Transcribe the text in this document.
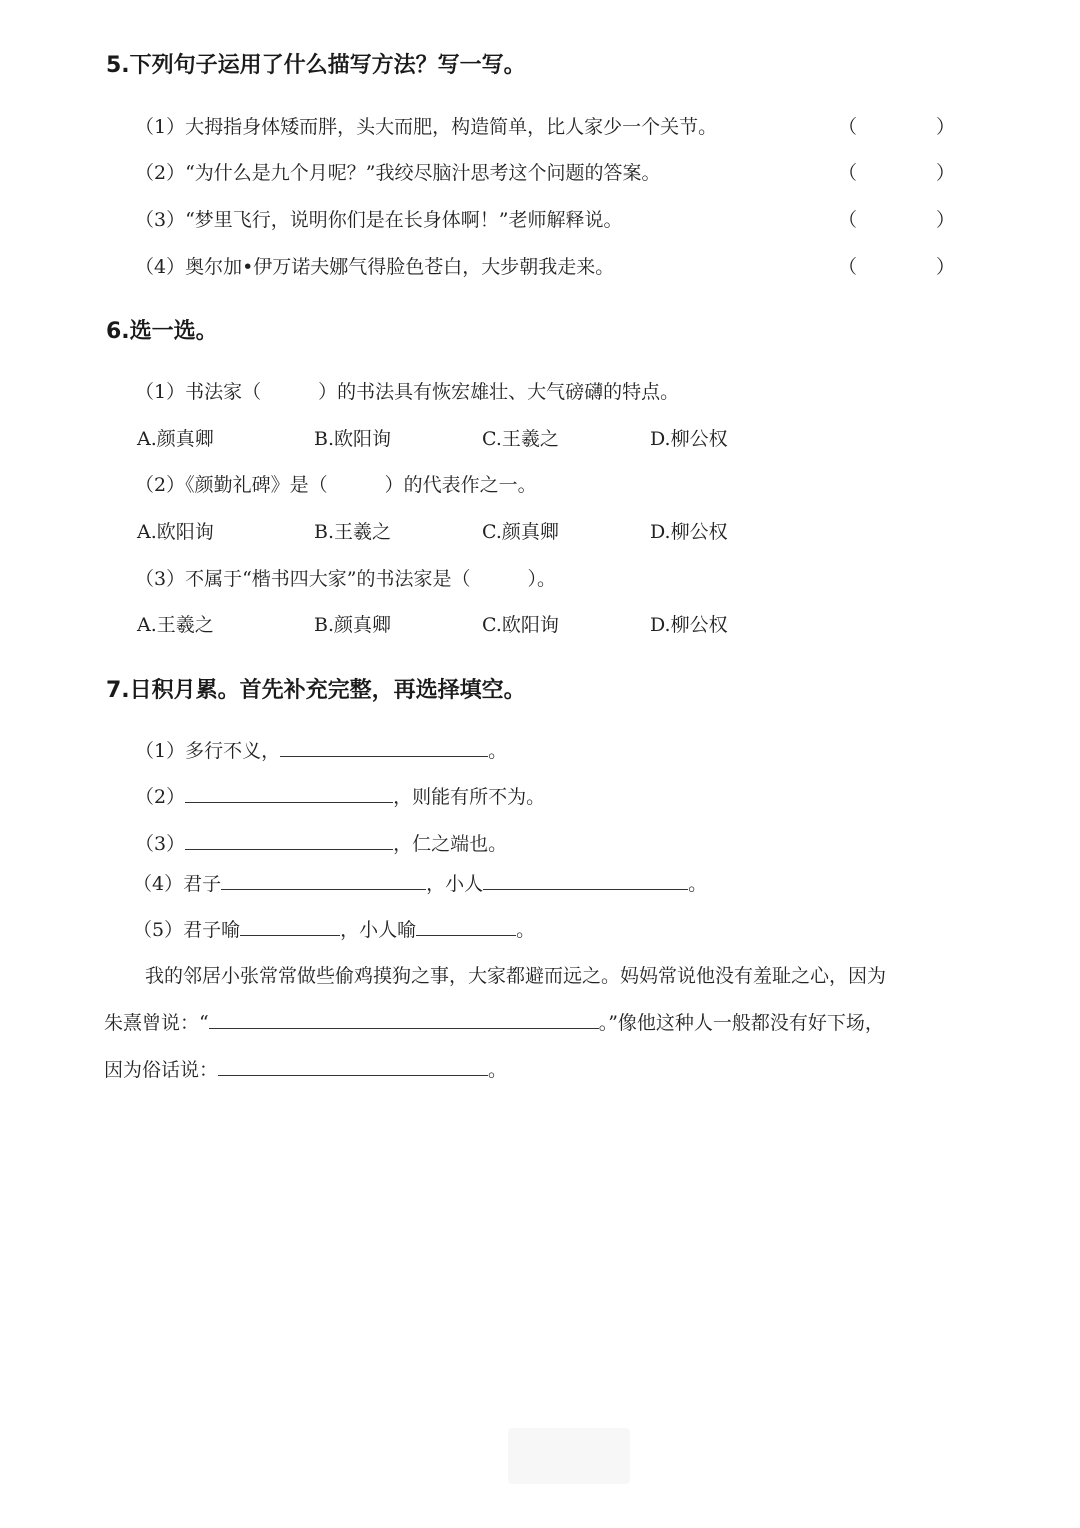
5.下列句子运用了什么描写方法？写一写。
（1）大拇指身体矮而胖，头大而肥，构造简单，比人家少一个关节。	（	）
（2）“为什么是九个月呢？”我绞尽脑汁思考这个问题的答案。	（	）
（3）“梦里飞行，说明你们是在长身体啊！”老师解释说。	（	）
（4）奥尔加•伊万诺夫娜气得脸色苍白，大步朝我走来。	（	）
6.选一选。
（1）书法家（　　　）的书法具有恢宏雄壮、大气磅礴的特点。
A.颜真卿	B.欧阳询	C.王羲之	D.柳公权
（2）《颜勤礼碑》是（　　　）的代表作之一。
A.欧阳询	B.王羲之	C.颜真卿	D.柳公权
（3）不属于“楷书四大家”的书法家是（　　　）。
A.王羲之	B.颜真卿	C.欧阳询	D.柳公权
7.日积月累。首先补充完整，再选择填空。
（1）多行不义，	。
（2）	，则能有所不为。
（3）	，仁之端也。
（4）君子	，小人	。
（5）君子喻	，小人喻	。
我的邻居小张常常做些偷鸡摸狗之事，大家都避而远之。妈妈常说他没有羞耻之心，因为
朱熹曾说：“	。”像他这种人一般都没有好下场，
因为俗话说：	。
